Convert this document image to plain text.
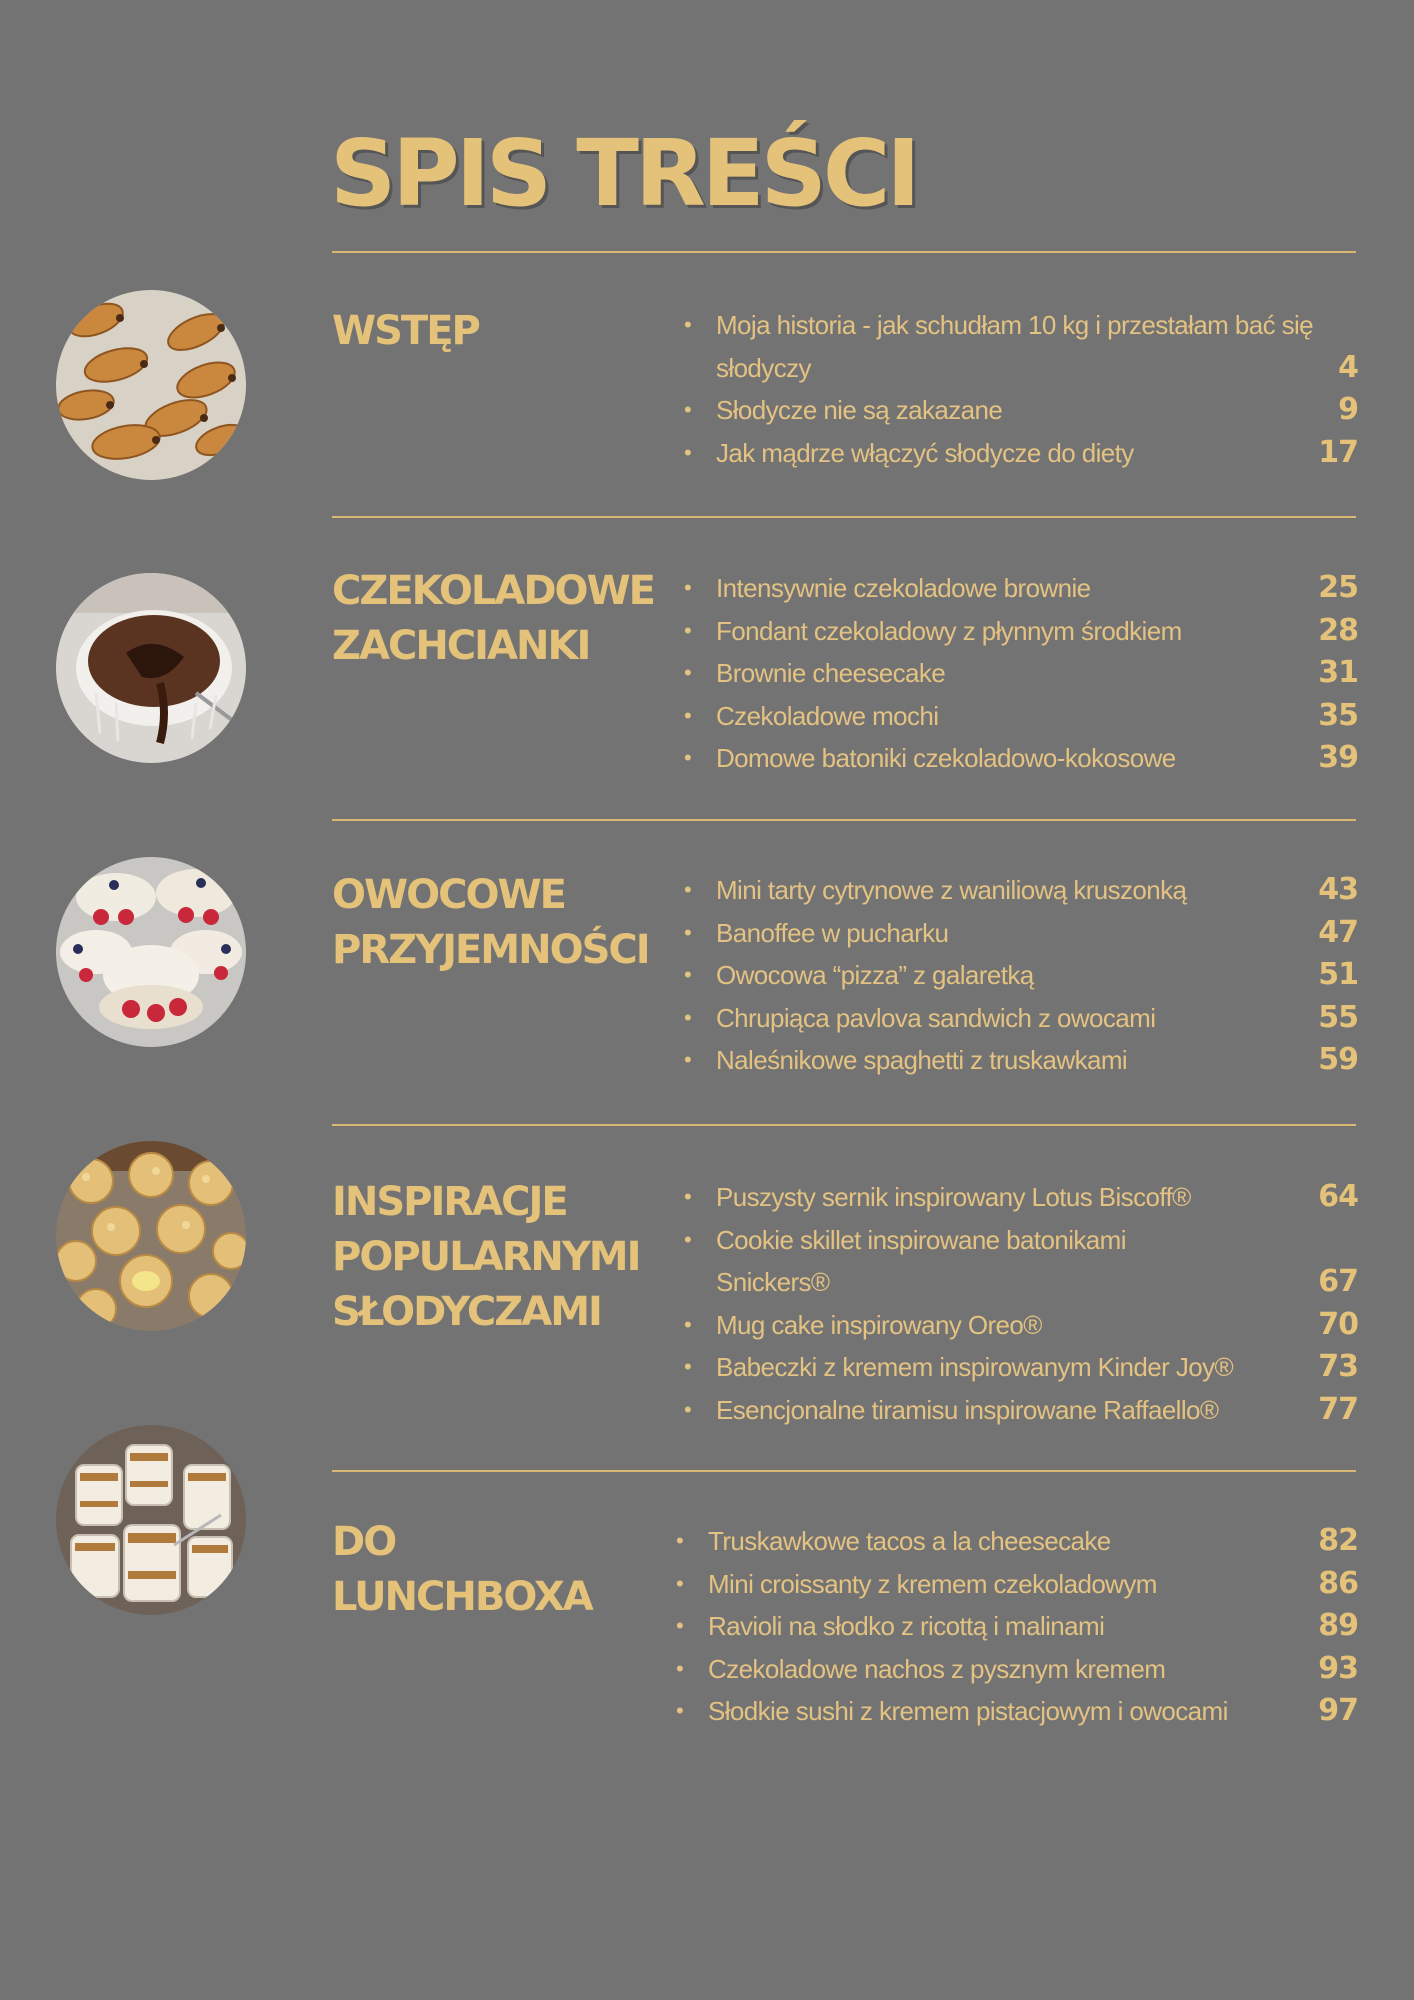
SPIS TREŚCI
WSTĘP	• Moja historia - jak schudłam 10 kg i przestałam bać się słodyczy	4
• Słodycze nie są zakazane	9
• Jak mądrze włączyć słodycze do diety	17
CZEKOLADOWE
ZACHCIANKI
• Intensywnie czekoladowe brownie	25
• Fondant czekoladowy z płynnym środkiem	28
• Brownie cheesecake	31
• Czekoladowe mochi	35
• Domowe batoniki czekoladowo-kokosowe	39
OWOCOWE
PRZYJEMNOŚCI
• Mini tarty cytrynowe z waniliową kruszonką	43
• Banoffee w pucharku	47
• Owocowa “pizza” z galaretką	51
• Chrupiąca pavlova sandwich z owocami	55
• Naleśnikowe spaghetti z truskawkami	59
INSPIRACJE
POPULARNYMI
SŁODYCZAMI
• Puszysty sernik inspirowany Lotus Biscoff®	64
• Cookie skillet inspirowane batonikami Snickers®	67
• Mug cake inspirowany Oreo®	70
• Babeczki z kremem inspirowanym Kinder Joy®	73
• Esencjonalne tiramisu inspirowane Raffaello®	77
DO
LUNCHBOXA
• Truskawkowe tacos a la cheesecake	82
• Mini croissanty z kremem czekoladowym	86
• Ravioli na słodko z ricottą i malinami	89
• Czekoladowe nachos z pysznym kremem	93
• Słodkie sushi z kremem pistacjowym i owocami	97
